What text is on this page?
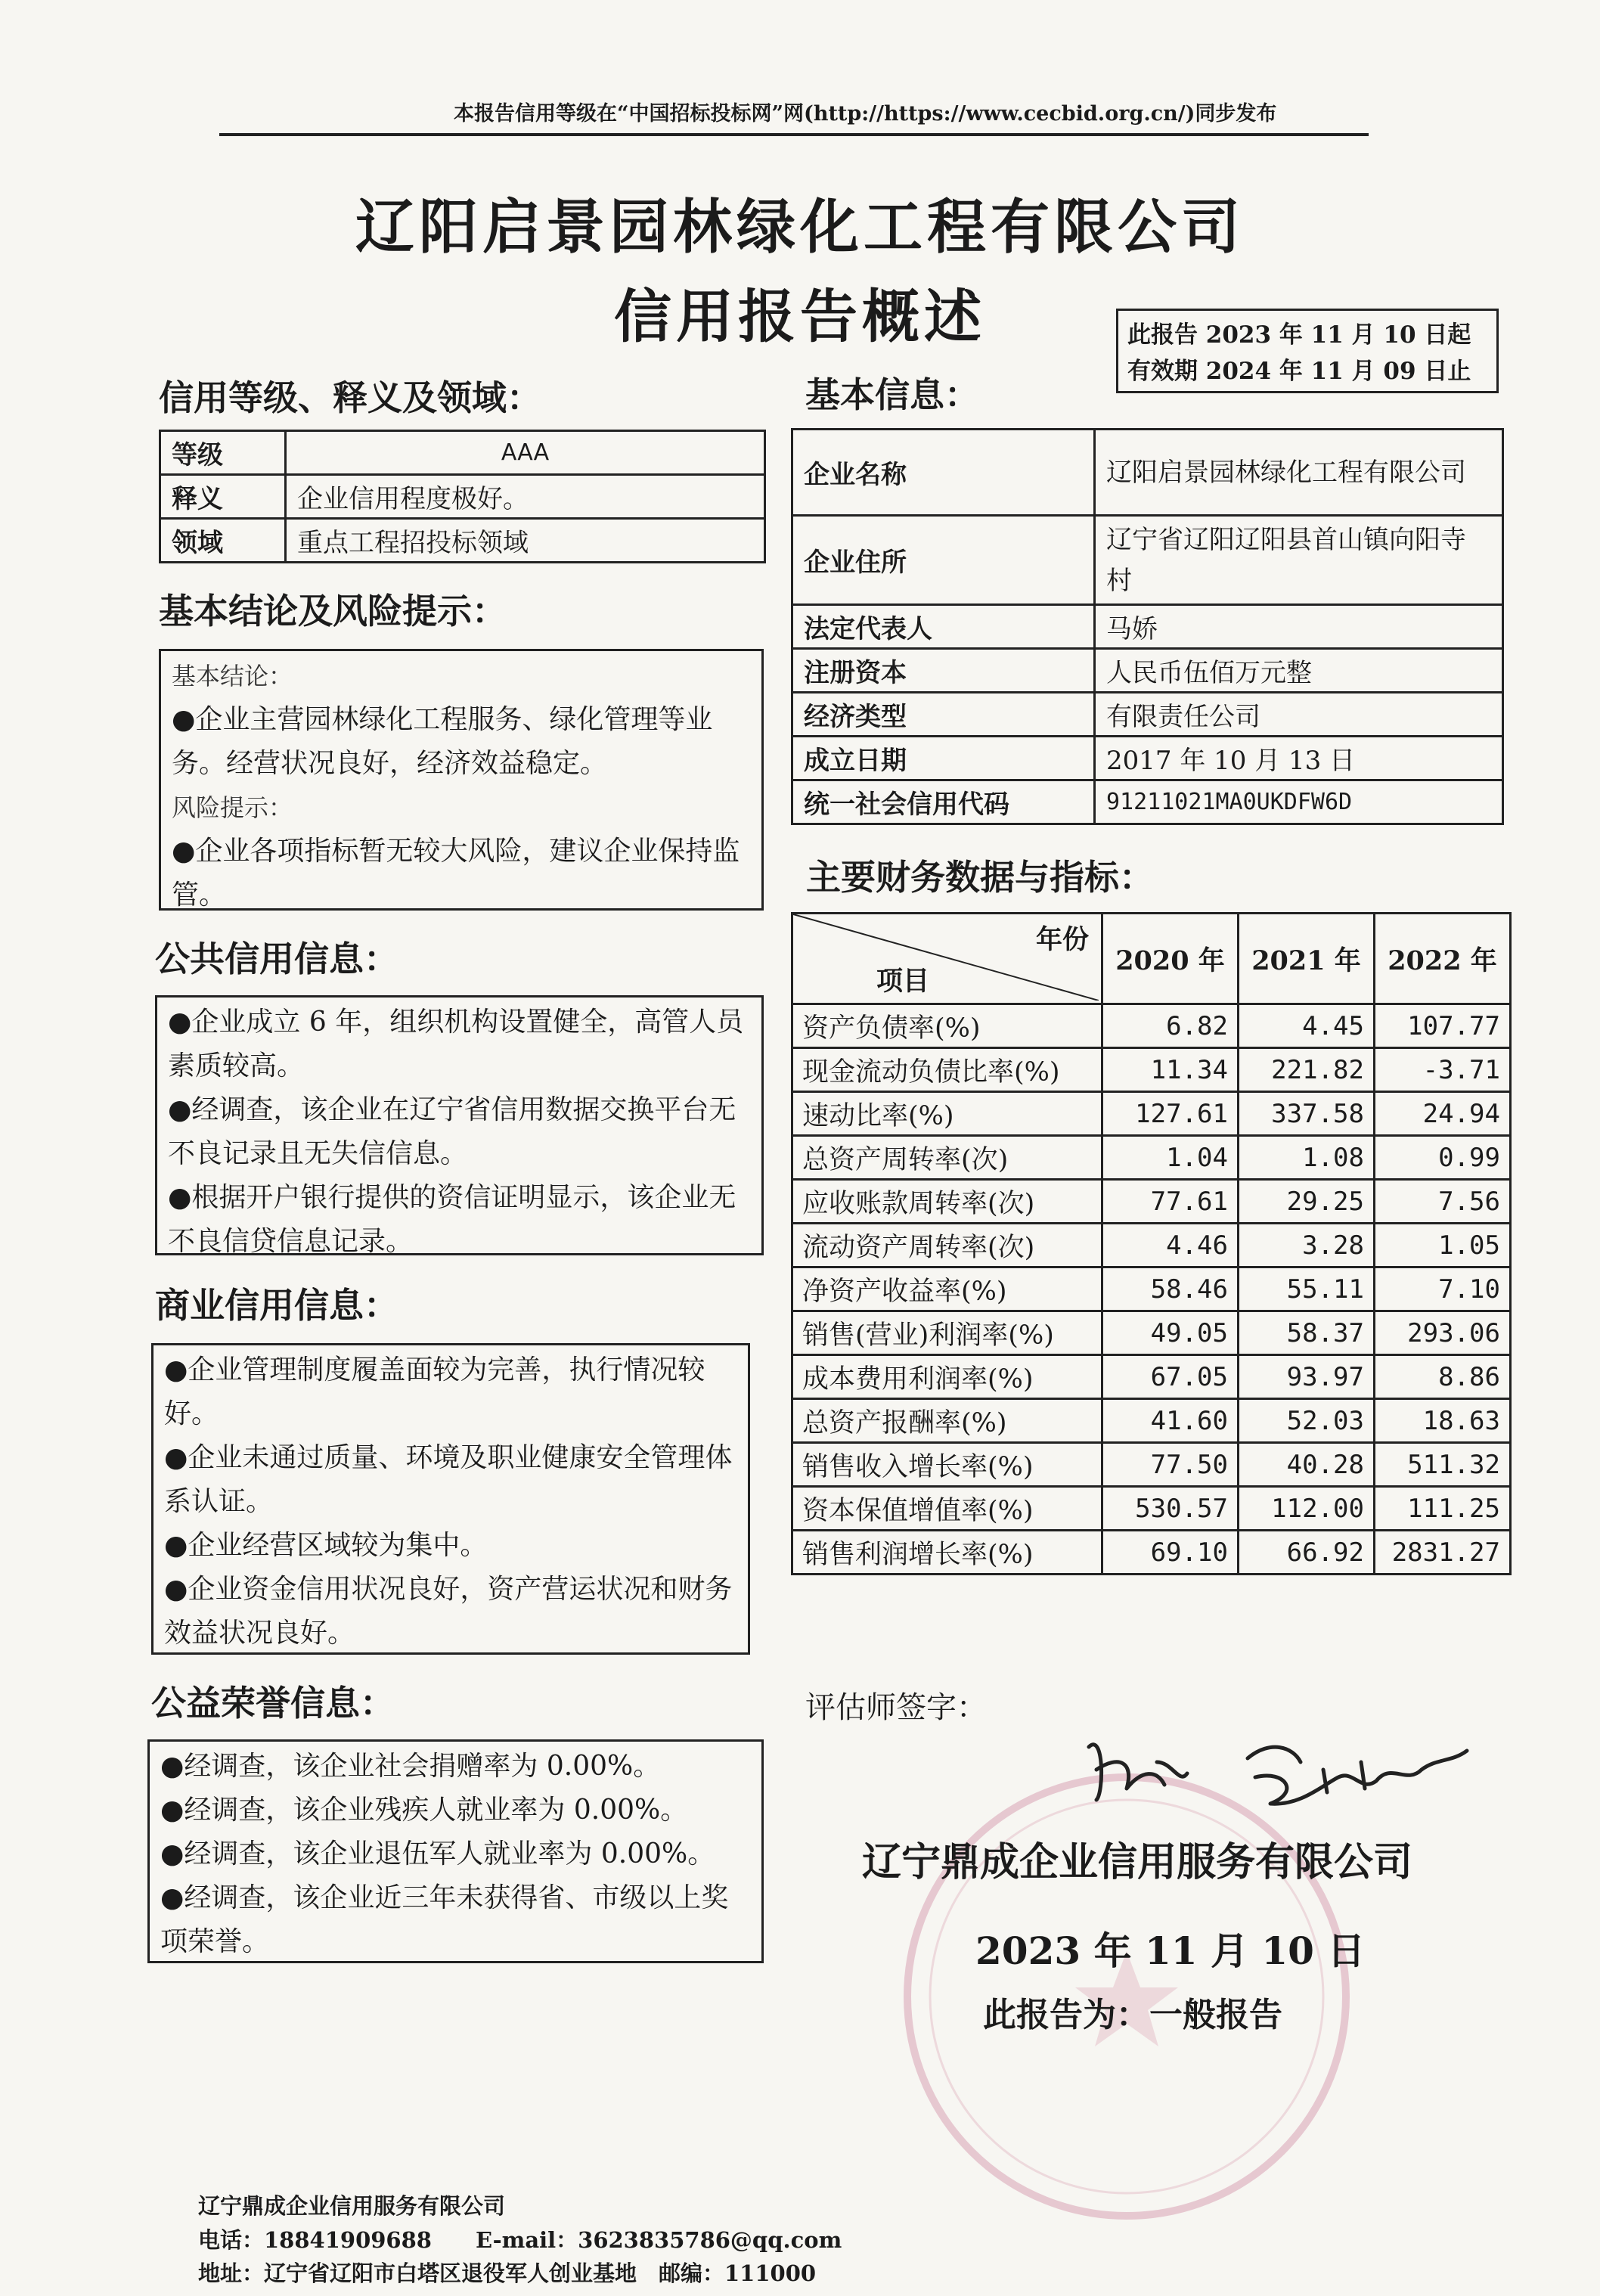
本报告信用等级在“中国招标投标网”网(http://https://www.cecbid.org.cn/)同步发布
辽阳启景园林绿化工程有限公司
信用报告概述	此报告 2023 年 11 月 10 日起
有效期 2024 年 11 月 09 日止
信用等级、释义及领域：
等级	AAA
释义	企业信用程度极好。
领域	重点工程招投标领域
基本结论及风险提示：
基本结论：

●企业主营园林绿化工程服务、绿化管理等业务。经营状况良好，经济效益稳定。

风险提示：

●企业各项指标暂无较大风险，建议企业保持监管。

公共信用信息：

●企业成立 6 年，组织机构设置健全，高管人员素质较高。

●经调查，该企业在辽宁省信用数据交换平台无不良记录且无失信信息。

●根据开户银行提供的资信证明显示，该企业无不良信贷信息记录。

商业信用信息：

●企业管理制度履盖面较为完善，执行情况较好。

●企业未通过质量、环境及职业健康安全管理体系认证。

●企业经营区域较为集中。

●企业资金信用状况良好，资产营运状况和财务效益状况良好。

公益荣誉信息：

●经调查，该企业社会捐赠率为 0.00%。

●经调查，该企业残疾人就业率为 0.00%。

●经调查，该企业退伍军人就业率为 0.00%。

●经调查，该企业近三年未获得省、市级以上奖项荣誉。

基本信息：
企业名称	辽阳启景园林绿化工程有限公司
企业住所	辽宁省辽阳辽阳县首山镇向阳寺村
法定代表人	马娇
注册资本	人民币伍佰万元整
经济类型	有限责任公司
成立日期	2017 年 10 月 13 日
统一社会信用代码	91211021MA0UKDFW6D
主要财务数据与指标：
年份
项目	2020 年	2021 年	2022 年
资产负债率(%)	6.82	4.45	107.77
现金流动负债比率(%)	11.34	221.82	-3.71
速动比率(%)	127.61	337.58	24.94
总资产周转率(次)	1.04	1.08	0.99
应收账款周转率(次)	77.61	29.25	7.56
流动资产周转率(次)	4.46	3.28	1.05
净资产收益率(%)	58.46	55.11	7.10
销售(营业)利润率(%)	49.05	58.37	293.06
成本费用利润率(%)	67.05	93.97	8.86
总资产报酬率(%)	41.60	52.03	18.63
销售收入增长率(%)	77.50	40.28	511.32
资本保值增值率(%)	530.57	112.00	111.25
销售利润增长率(%)	69.10	66.92	2831.27
评估师签字：
辽宁鼎成企业信用服务有限公司
2023 年 11 月 10 日
此报告为：一般报告
辽宁鼎成企业信用服务有限公司
电话：18841909688　　E-mail：3623835786@qq.com
地址：辽宁省辽阳市白塔区退役军人创业基地　邮编：111000
